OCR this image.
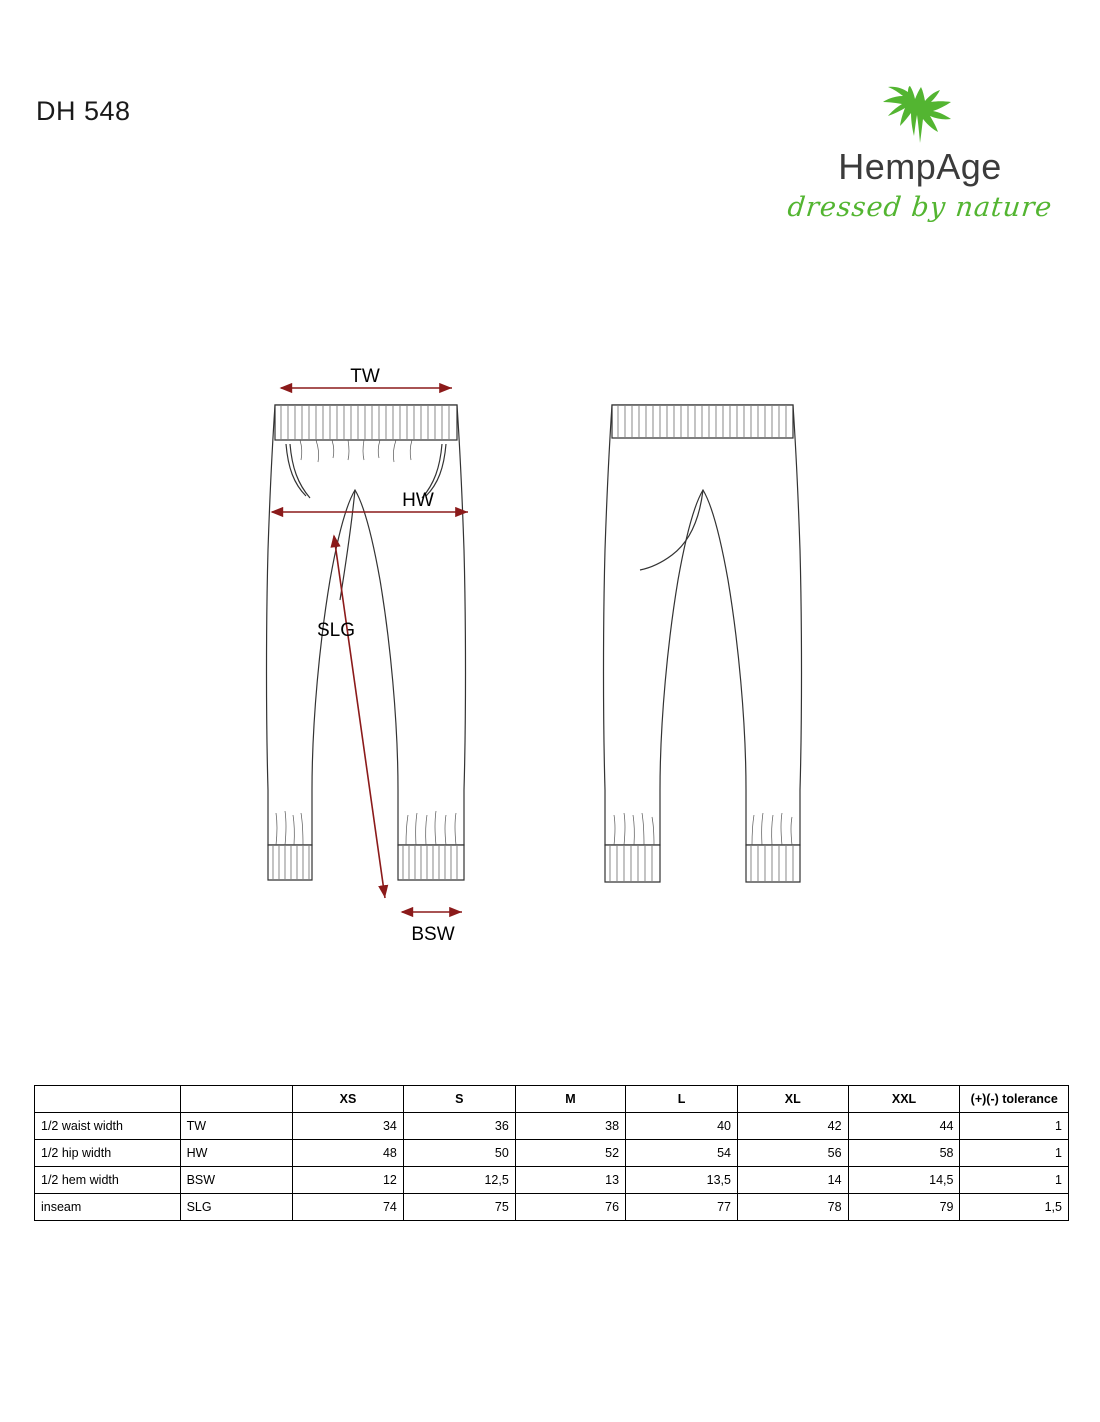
DH 548
HempAge
dressed by nature
TW
HW
SLG
BSW
		XS	S	M	L	XL	XXL	(+)(-) tolerance
1/2 waist width	TW	34	36	38	40	42	44	1
1/2 hip width	HW	48	50	52	54	56	58	1
1/2 hem width	BSW	12	12,5	13	13,5	14	14,5	1
inseam	SLG	74	75	76	77	78	79	1,5
